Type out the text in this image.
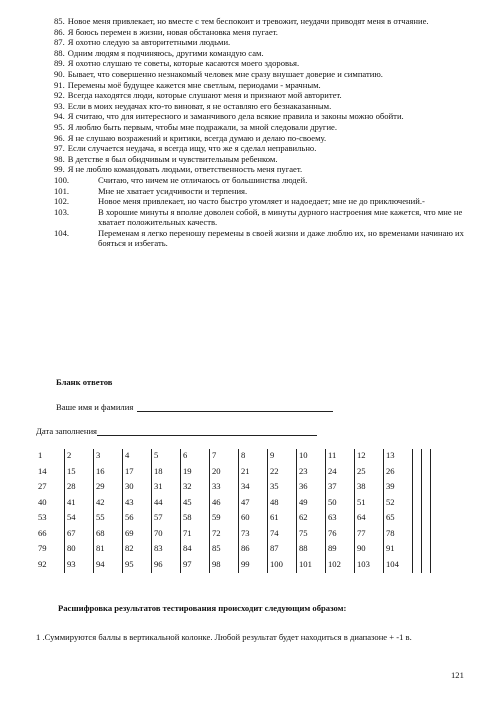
85. Новое меня привлекает, но вместе с тем беспокоит и тревожит, неудачи приводят меня в отчаяние.
86. Я боюсь перемен в жизни, новая обстановка меня пугает.
87. Я охотно следую за авторитетными людьми.
88. Одним людям я подчиняюсь, другими командую сам.
89. Я охотно слушаю те советы, которые касаются моего здоровья.
90. Бывает, что совершенно незнакомый человек мне сразу внушает доверие и симпатию.
91. Перемены моё будущее кажется мне светлым, периодами - мрачным.
92. Всегда находятся люди, которые слушают меня и признают мой авторитет.
93. Если в моих неудачах кто-то виноват, я не оставляю его безнаказанным.
94. Я считаю, что для интересного и заманчивого дела всякие правила и законы можно обойти.
95. Я люблю быть первым, чтобы мне подражали, за мной следовали другие.
96. Я не слушаю возражений и критики, всегда думаю и делаю по-своему.
97. Если случается неудача, я всегда ищу, что же я сделал неправильно.
98. В детстве я был обидчивым и чувствительным ребенком.
99. Я не люблю командовать людьми, ответственность меня пугает.
100.	Считаю, что ничем не отличаюсь от большинства людей.
101.	Мне не хватает усидчивости и терпения.
102.	Новое меня привлекает, но часто быстро утомляет и надоедает; мне не до приключений.-
103.	В хорошие минуты я вполне доволен собой, в минуты дурного настроения мне кажется, что мне не хватает положительных качеств.
104.	Переменам я легко переношу перемены в своей жизни и даже люблю их, но временами начинаю их бояться и избегать.
Бланк ответов
Ваше имя и фамилия
Дата заполнения
1	2	3	4	5	6	7	8	9	10	11	12	13		
14	15	16	17	18	19	20	21	22	23	24	25	26		
27	28	29	30	31	32	33	34	35	36	37	38	39		
40	41	42	43	44	45	46	47	48	49	50	51	52		
53	54	55	56	57	58	59	60	61	62	63	64	65		
66	67	68	69	70	71	72	73	74	75	76	77	78		
79	80	81	82	83	84	85	86	87	88	89	90	91		
92	93	94	95	96	97	98	99	100	101	102	103	104		
Расшифровка результатов тестирования происходит следующим образом:
1 .Суммируются баллы в вертикальной колонке. Любой результат будет находиться в диапазоне + -1 в.
121
